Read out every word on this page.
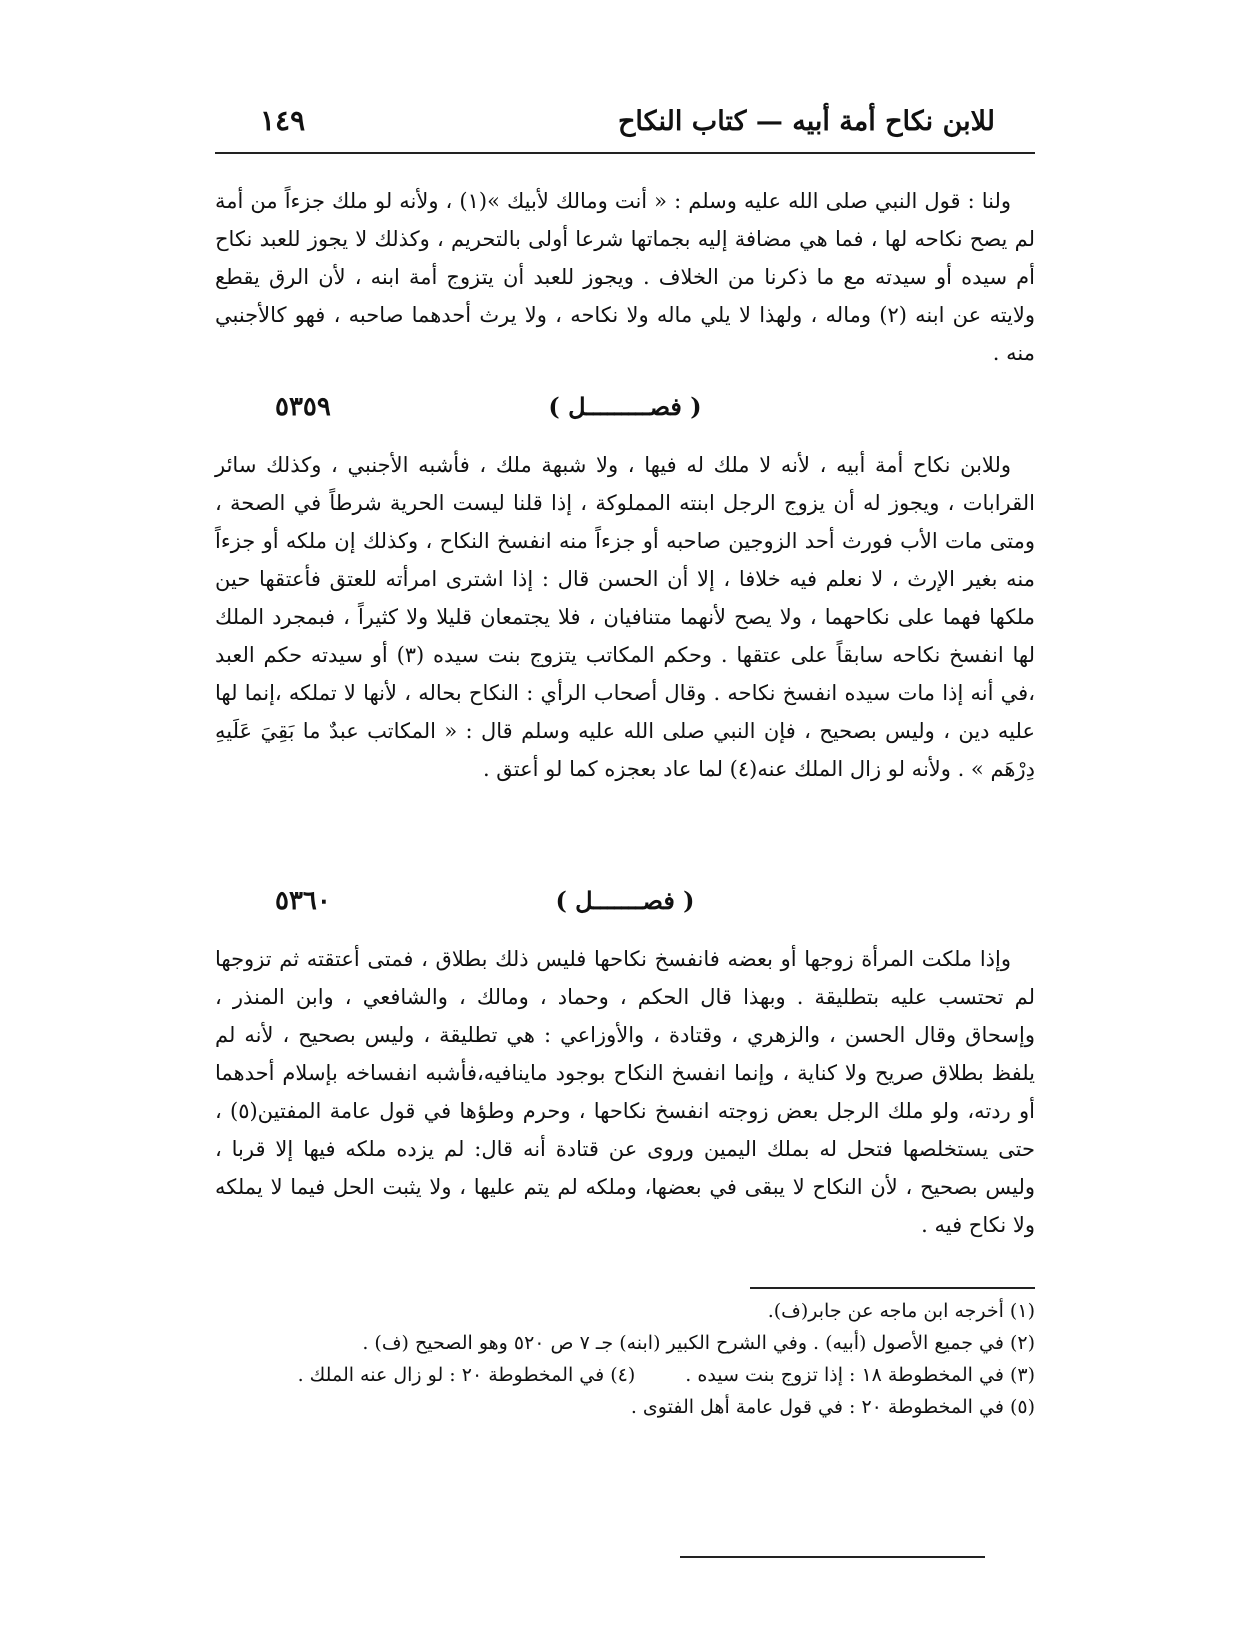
للابن نكاح أمة أبيه — كتاب النكاح
١٤٩

ولنا : قول النبي صلى الله عليه وسلم : « أنت ومالك لأبيك »(١) ، ولأنه لو ملك جزءاً من أمة لم يصح نكاحه لها ، فما هي مضافة إليه بجماتها شرعا أولى بالتحريم ، وكذلك لا يجوز للعبد نكاح أم سيده أو سيدته مع ما ذكرنا من الخلاف . ويجوز للعبد أن يتزوج أمة ابنه ، لأن الرق يقطع ولايته عن ابنه (٢) وماله ، ولهذا لا يلي ماله ولا نكاحه ، ولا يرث أحدهما صاحبه ، فهو كالأجنبي منه .

٥٣٥٩	( فصـــــــــل )

وللابن نكاح أمة أبيه ، لأنه لا ملك له فيها ، ولا شبهة ملك ، فأشبه الأجنبي ، وكذلك سائر القرابات ، ويجوز له أن يزوج الرجل ابنته المملوكة ، إذا قلنا ليست الحرية شرطاً في الصحة ، ومتى مات الأب فورث أحد الزوجين صاحبه أو جزءاً منه انفسخ النكاح ، وكذلك إن ملكه أو جزءاً منه بغير الإرث ، لا نعلم فيه خلافا ، إلا أن الحسن قال : إذا اشترى امرأته للعتق فأعتقها حين ملكها فهما على نكاحهما ، ولا يصح لأنهما متنافيان ، فلا يجتمعان قليلا ولا كثيراً ، فبمجرد الملك لها انفسخ نكاحه سابقاً على عتقها . وحكم المكاتب يتزوج بنت سيده (٣) أو سيدته حكم العبد ،في أنه إذا مات سيده انفسخ نكاحه . وقال أصحاب الرأي : النكاح بحاله ، لأنها لا تملكه ،إنما لها عليه دين ، وليس بصحيح ، فإن النبي صلى الله عليه وسلم قال : « المكاتب عبدٌ ما بَقِيَ عَلَيهِ دِرْهَم » . ولأنه لو زال الملك عنه(٤) لما عاد بعجزه كما لو أعتق .

٥٣٦٠	( فصـــــــل )

وإذا ملكت المرأة زوجها أو بعضه فانفسخ نكاحها فليس ذلك بطلاق ، فمتى أعتقته ثم تزوجها لم تحتسب عليه بتطليقة . وبهذا قال الحكم ، وحماد ، ومالك ، والشافعي ، وابن المنذر ، وإسحاق وقال الحسن ، والزهري ، وقتادة ، والأوزاعي : هي تطليقة ، وليس بصحيح ، لأنه لم يلفظ بطلاق صريح ولا كناية ، وإنما انفسخ النكاح بوجود ماينافيه،فأشبه انفساخه بإسلام أحدهما أو ردته، ولو ملك الرجل بعض زوجته انفسخ نكاحها ، وحرم وطؤها في قول عامة المفتين(٥) ، حتى يستخلصها فتحل له بملك اليمين وروى عن قتادة أنه قال: لم يزده ملكه فيها إلا قربا ، وليس بصحيح ، لأن النكاح لا يبقى في بعضها، وملكه لم يتم عليها ، ولا يثبت الحل فيما لا يملكه ولا نكاح فيه .

(١) أخرجه ابن ماجه عن جابر(ف).
(٢) في جميع الأصول (أبيه) . وفي الشرح الكبير (ابنه) جـ ٧ ص ٥٢٠ وهو الصحيح (ف) .
(٣) في المخطوطة ١٨ : إذا تزوج بنت سيده .(٤) في المخطوطة ٢٠ : لو زال عنه الملك .
(٥) في المخطوطة ٢٠ : في قول عامة أهل الفتوى .
